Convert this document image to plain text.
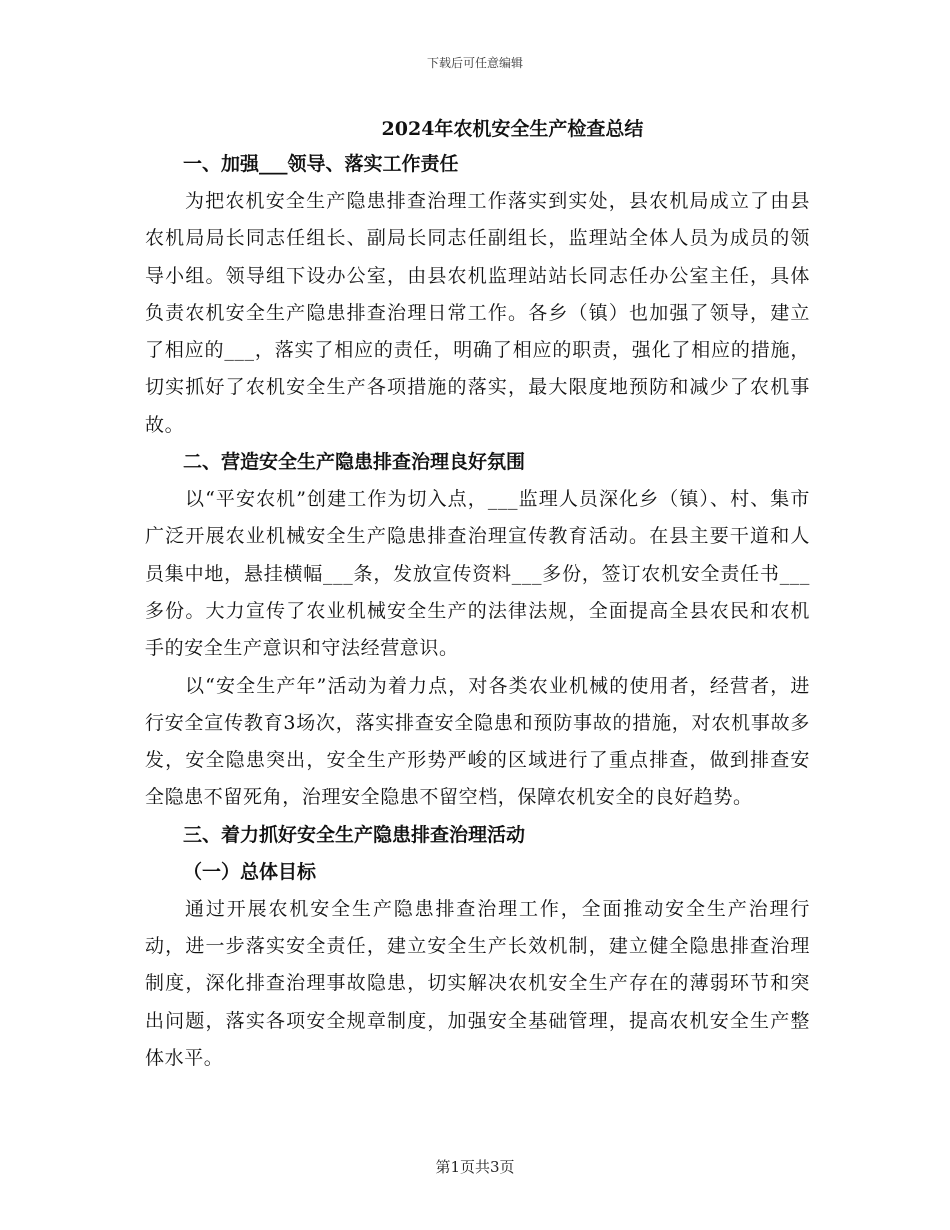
下载后可任意编辑

2024年农机安全生产检查总结

一、加强___领导、落实工作责任

为把农机安全生产隐患排查治理工作落实到实处，县农机局成立了由县农机局局长同志任组长、副局长同志任副组长，监理站全体人员为成员的领导小组。领导组下设办公室，由县农机监理站站长同志任办公室主任，具体负责农机安全生产隐患排查治理日常工作。各乡（镇）也加强了领导，建立了相应的___，落实了相应的责任，明确了相应的职责，强化了相应的措施，切实抓好了农机安全生产各项措施的落实，最大限度地预防和减少了农机事故。

二、营造安全生产隐患排查治理良好氛围

以“平安农机”创建工作为切入点，___监理人员深化乡（镇）、村、集市广泛开展农业机械安全生产隐患排查治理宣传教育活动。在县主要干道和人员集中地，悬挂横幅___条，发放宣传资料___多份，签订农机安全责任书___多份。大力宣传了农业机械安全生产的法律法规，全面提高全县农民和农机手的安全生产意识和守法经营意识。

以“安全生产年”活动为着力点，对各类农业机械的使用者，经营者，进行安全宣传教育3场次，落实排查安全隐患和预防事故的措施，对农机事故多发，安全隐患突出，安全生产形势严峻的区域进行了重点排查，做到排查安全隐患不留死角，治理安全隐患不留空档，保障农机安全的良好趋势。

三、着力抓好安全生产隐患排查治理活动

（一）总体目标

通过开展农机安全生产隐患排查治理工作，全面推动安全生产治理行动，进一步落实安全责任，建立安全生产长效机制，建立健全隐患排查治理制度，深化排查治理事故隐患，切实解决农机安全生产存在的薄弱环节和突出问题，落实各项安全规章制度，加强安全基础管理，提高农机安全生产整体水平。

第1页共3页
